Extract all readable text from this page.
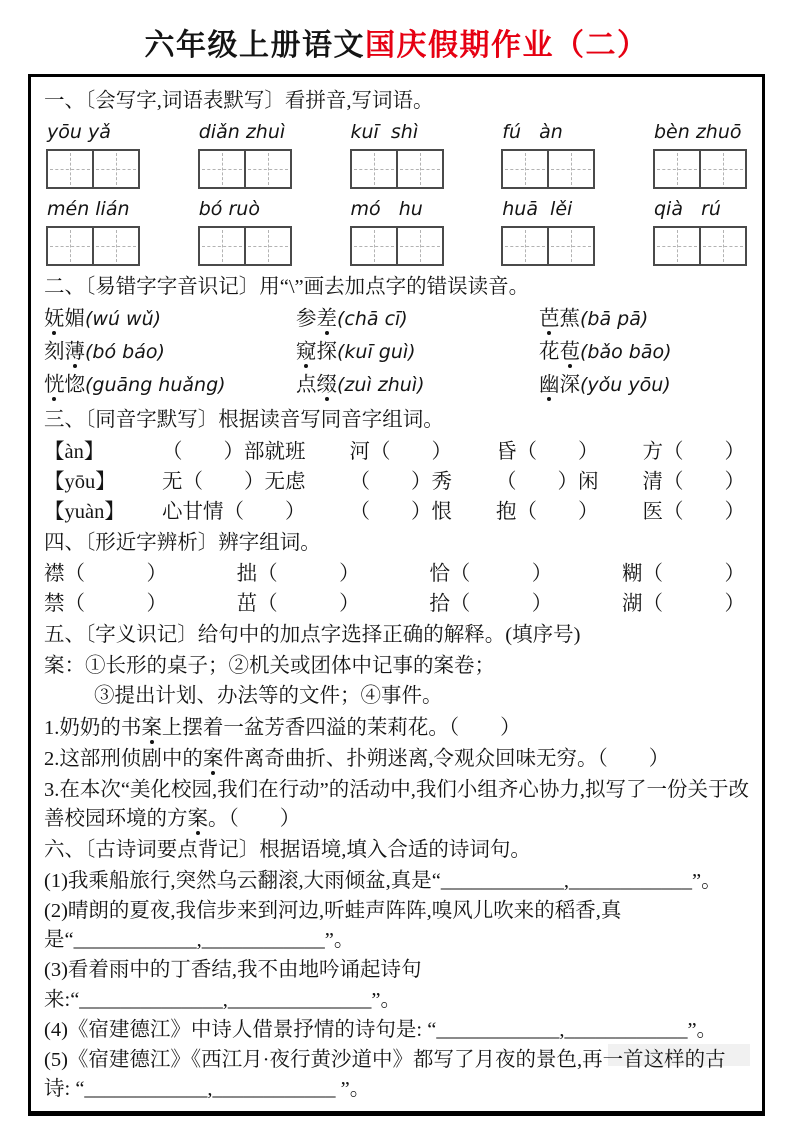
六年级上册语文国庆假期作业（二）
一、〔会写字,词语表默写〕看拼音,写词语。
yōu yǎ	diǎn zhuì	kuī  shì	fú   àn	bèn zhuō
mén lián	bó ruò	mó   hu	huā  lěi	qià   rú
二、〔易错字字音识记〕用“\”画去加点字的错误读音。
妩媚(wú wǔ)	参差(chā cī)	芭蕉(bā pā)
刻薄(bó báo)	窥探(kuī guì)	花苞(bǎo bāo)
恍惚(guāng huǎng)	点缀(zuì zhuì)	幽深(yǒu yōu)
三、〔同音字默写〕根据读音写同音字组词。
【àn】	（　　）部就班 河（　　） 昏（　　） 方（　　）
【yōu】	无（　　）无虑 （　　）秀 （　　）闲 清（　　）
【yuàn】	心甘情（　　） （　　）恨 抱（　　） 医（　　）
四、〔形近字辨析〕辨字组词。
襟（　　　）	拙（　　　）	恰（　　　）	糊（　　　）
禁（　　　）	茁（　　　）	拾（　　　）	湖（　　　）
五、〔字义识记〕给句中的加点字选择正确的解释。(填序号)

案：①长形的桌子；②机关或团体中记事的案卷；

③提出计划、办法等的文件；④事件。

1.奶奶的书案上摆着一盆芳香四溢的茉莉花。（　　）

2.这部刑侦剧中的案件离奇曲折、扑朔迷离,令观众回味无穷。（　　）

3.在本次“美化校园,我们在行动”的活动中,我们小组齐心协力,拟写了一份关于改善校园环境的方案。（　　）

六、〔古诗词要点背记〕根据语境,填入合适的诗词句。

(1)我乘船旅行,突然乌云翻滚,大雨倾盆,真是“____________,____________”。

(2)晴朗的夏夜,我信步来到河边,听蛙声阵阵,嗅风儿吹来的稻香,真是“____________,____________”。

(3)看着雨中的丁香结,我不由地吟诵起诗句来:“______________,______________”。

(4)《宿建德江》中诗人借景抒情的诗句是: “____________,____________”。

(5)《宿建德江》《西江月·夜行黄沙道中》都写了月夜的景色,再一首这样的古诗: “____________,____________ ”。
